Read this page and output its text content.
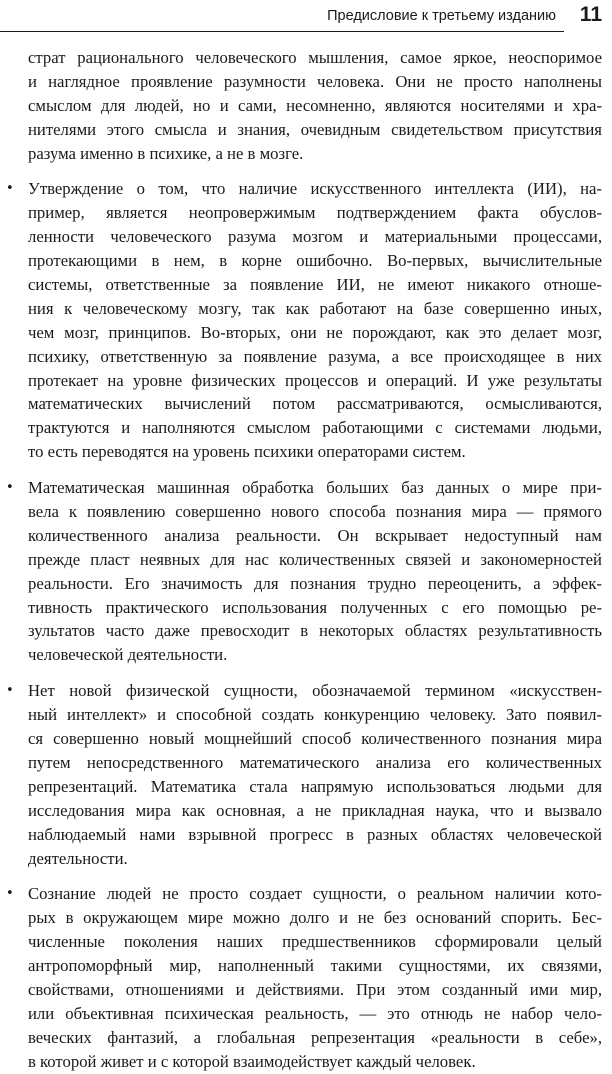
Предисловие к третьему изданию 11
страт рационального человеческого мышления, самое яркое, неоспоримое
и наглядное проявление разумности человека. Они не просто наполнены
смыслом для людей, но и сами, несомненно, являются носителями и хра-
нителями этого смысла и знания, очевидным свидетельством присутствия
разума именно в психике, а не в мозге.
• Утверждение о том, что наличие искусственного интеллекта (ИИ), на-
пример, является неопровержимым подтверждением факта обуслов-
ленности человеческого разума мозгом и материальными процессами,
протекающими в нем, в корне ошибочно. Во-первых, вычислительные
системы, ответственные за появление ИИ, не имеют никакого отноше-
ния к человеческому мозгу, так как работают на базе совершенно иных,
чем мозг, принципов. Во-вторых, они не порождают, как это делает мозг,
психику, ответственную за появление разума, а все происходящее в них
протекает на уровне физических процессов и операций. И уже результаты
математических вычислений потом рассматриваются, осмысливаются,
трактуются и наполняются смыслом работающими с системами людьми,
то есть переводятся на уровень психики операторами систем.
• Математическая машинная обработка больших баз данных о мире при-
вела к появлению совершенно нового способа познания мира — прямого
количественного анализа реальности. Он вскрывает недоступный нам
прежде пласт неявных для нас количественных связей и закономерностей
реальности. Его значимость для познания трудно переоценить, а эффек-
тивность практического использования полученных с его помощью ре-
зультатов часто даже превосходит в некоторых областях результативность
человеческой деятельности.
• Нет новой физической сущности, обозначаемой термином «искусствен-
ный интеллект» и способной создать конкуренцию человеку. Зато появил-
ся совершенно новый мощнейший способ количественного познания мира
путем непосредственного математического анализа его количественных
репрезентаций. Математика стала напрямую использоваться людьми для
исследования мира как основная, а не прикладная наука, что и вызвало
наблюдаемый нами взрывной прогресс в разных областях человеческой
деятельности.
• Сознание людей не просто создает сущности, о реальном наличии кото-
рых в окружающем мире можно долго и не без оснований спорить. Бес-
численные поколения наших предшественников сформировали целый
антропоморфный мир, наполненный такими сущностями, их связями,
свойствами, отношениями и действиями. При этом созданный ими мир,
или объективная психическая реальность, — это отнюдь не набор чело-
веческих фантазий, а глобальная репрезентация «реальности в себе»,
в которой живет и с которой взаимодействует каждый человек.
